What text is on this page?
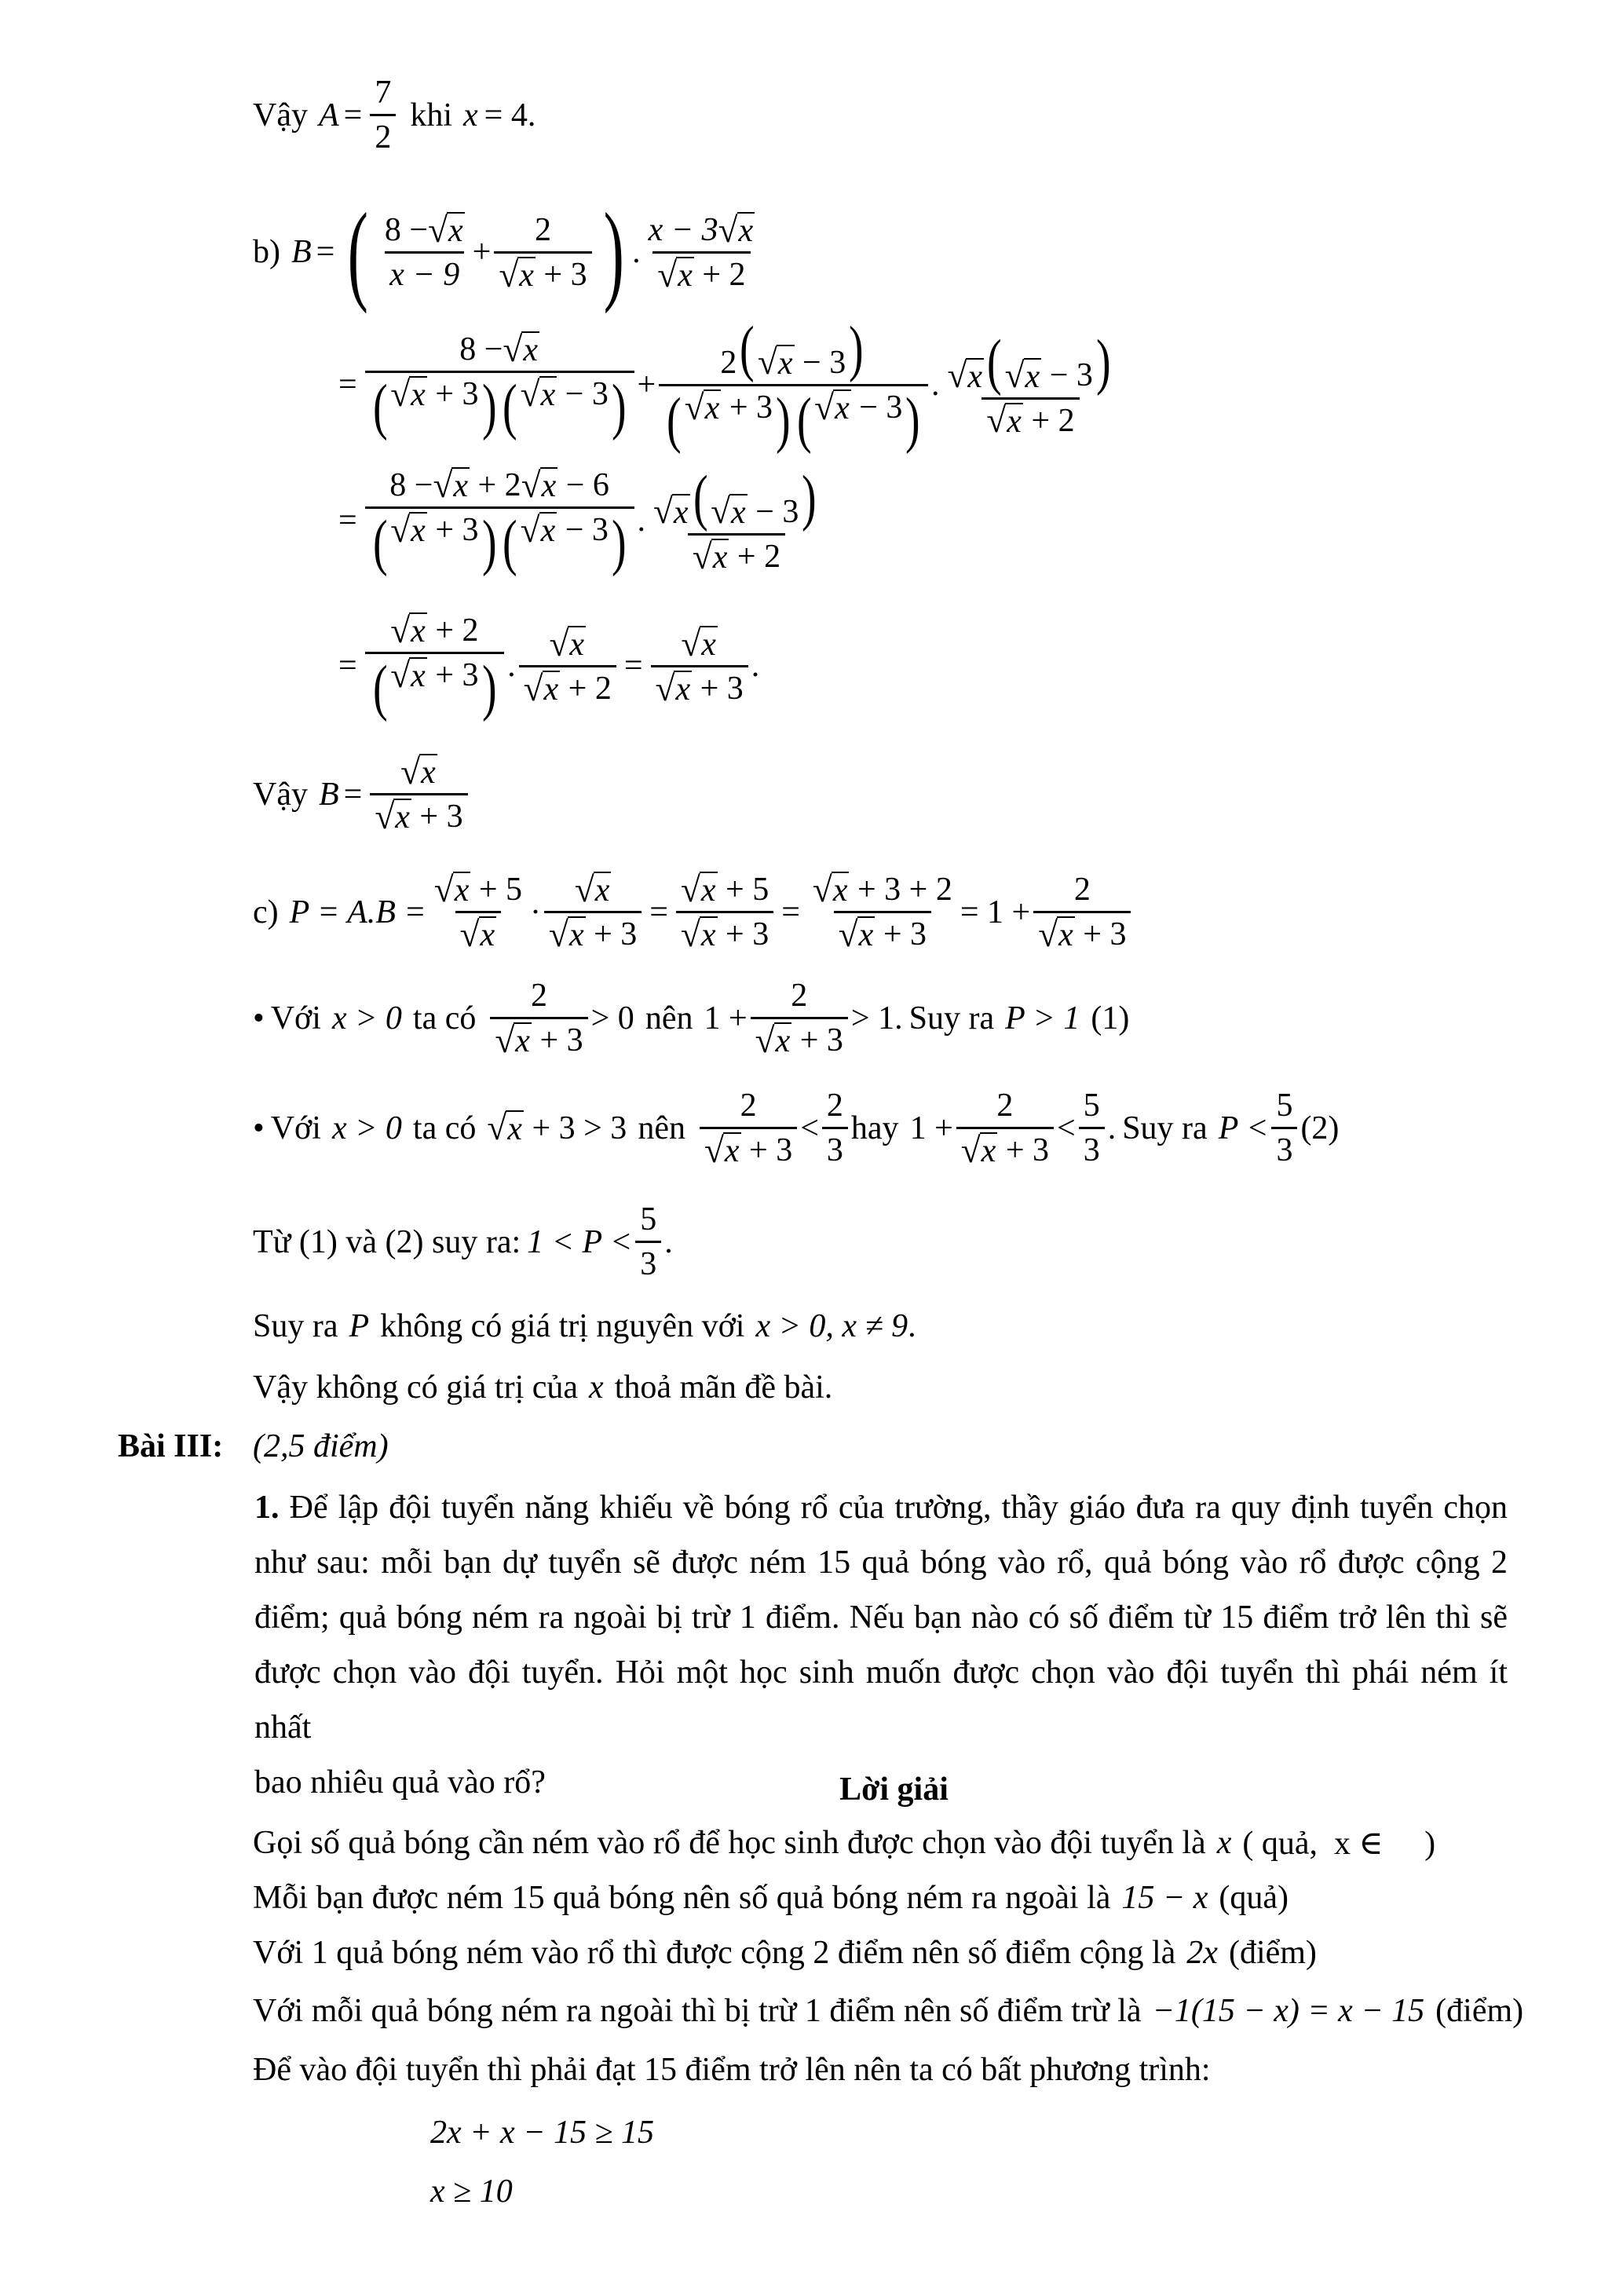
Vậy $A = \frac{7}{2}$ khi x = 4 .
b) B = ( $\frac{8 - √ x}{x - 9} + 2$
√ x
+ 3 ) . x − 3 √ x
√ x
+ 2
= 8 − √ x
( √ x
+ 3 ) ( √ x
− 3 ) + 2 ( √ x
− 3 )
( √ x
+ 3 ) ( √ x
− 3 ) . √ x ( √ x
− 3 )
√ x
+ 2
= 8 − √ x
+ 2 √ x
− 6
( √ x
+ 3 ) ( √ x
− 3 ) . √ x ( √ x
− 3 )
√ x
+ 2
= √ x
+ 2
( √ x
+ 3 ) . √ x
√ x
+ 2 = √ x
√ x
+ 3 .
Vậy B = √ x
√ x
+ 3
c) P = A.B = √ x
+ 5
√ x · √ x
√ x
+ 3 = √ x
+ 5
√ x
+ 3 = √ x
+ 3 + 2
√ x
+ 3 = 1 + 2
√ x
+ 3
• Với x > 0 ta có 2
√ x
+ 3 > 0 nên 1 + 2
√ x
+ 3 > 1. Suy ra P > 1 (1)
• Với x > 0 ta có √ x
+ 3 > 3 nên 2
√ x
+ $3 < \frac{2}{3}$ hay 1 + 2
√ x
+ $3 < \frac{5}{3}$ . Suy ra $P < \frac{5}{3} (2)$
Từ (1) và (2) suy ra: $1 < P < \frac{5}{3}$ .
Suy ra P không có giá trị nguyên với x > 0, x ≠ 9 .
Vậy không có giá trị của x thoả mãn đề bài.
Bài III: (2,5 điểm)
1. Để lập đội tuyển năng khiếu về bóng rổ của trường, thầy giáo đưa ra quy định tuyển chọn
như sau: mỗi bạn dự tuyển sẽ được ném 15 quả bóng vào rổ, quả bóng vào rổ được cộng 2
điểm; quả bóng ném ra ngoài bị trừ 1 điểm. Nếu bạn nào có số điểm từ 15 điểm trở lên thì sẽ
được chọn vào đội tuyển. Hỏi một học sinh muốn được chọn vào đội tuyển thì phái ném ít nhất
bao nhiêu quả vào rổ?	Lời giải
Gọi số quả bóng cần ném vào rổ để học sinh được chọn vào đội tuyển là x ( quả,  x ∈     )
Mỗi bạn được ném 15 quả bóng nên số quả bóng ném ra ngoài là 15 − x (quả)
Với 1 quả bóng ném vào rổ thì được cộng 2 điểm nên số điểm cộng là 2x (điểm)
Với mỗi quả bóng ném ra ngoài thì bị trừ 1 điểm nên số điểm trừ là −1(15 − x) = x − 15 (điểm)
Để vào đội tuyển thì phải đạt 15 điểm trở lên nên ta có bất phương trình:
2x + x − 15 ≥ 15
x ≥ 10
